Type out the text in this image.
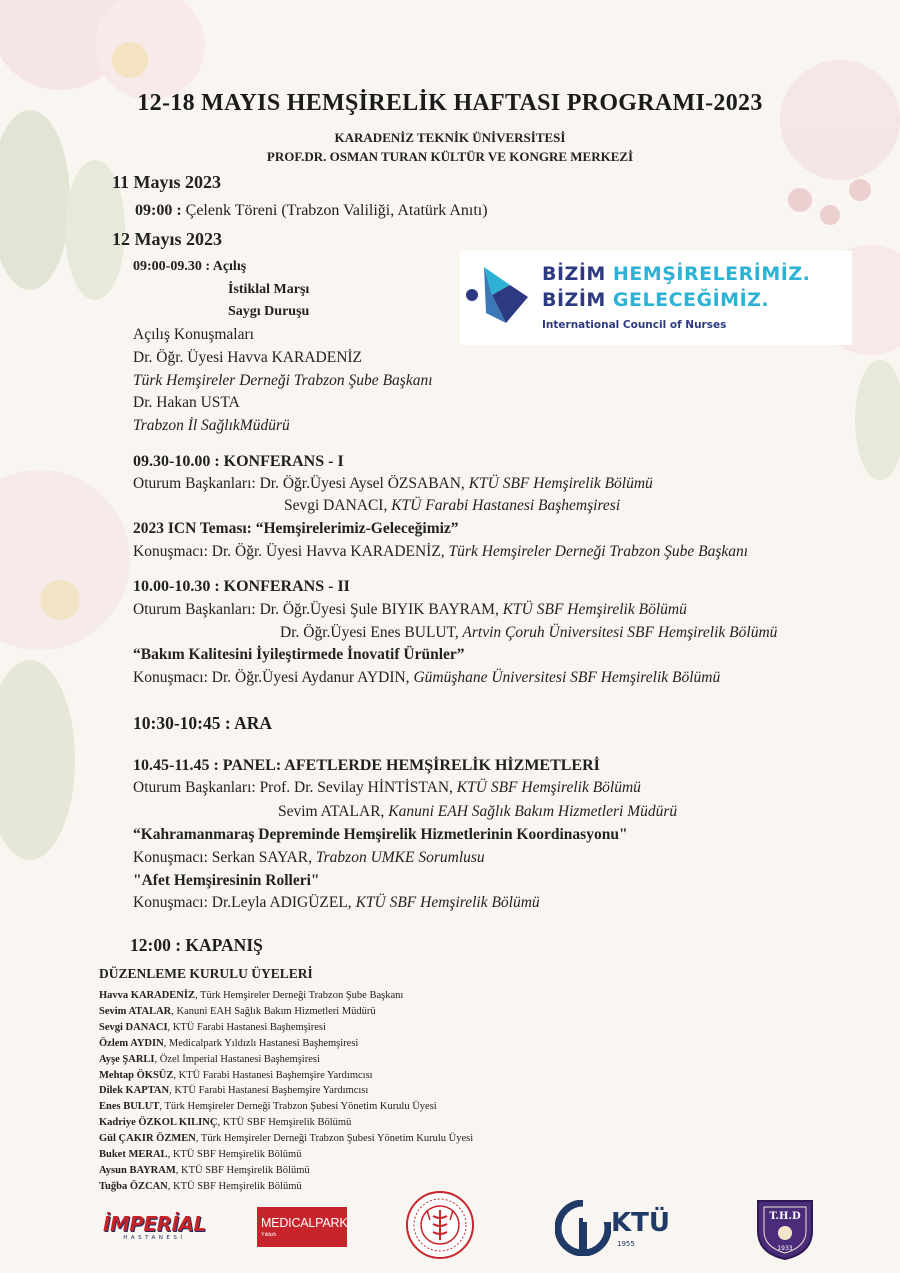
12-18 MAYIS HEMŞİRELİK HAFTASI PROGRAMI-2023
KARADENİZ TEKNİK ÜNİVERSİTESİ
PROF.DR. OSMAN TURAN KÜLTÜR VE KONGRE MERKEZİ
11 Mayıs 2023
09:00 : Çelenk Töreni (Trabzon Valiliği, Atatürk Anıtı)
12 Mayıs 2023
09:00-09.30 : Açılış
İstiklal Marşı
Saygı Duruşu
Açılış Konuşmaları
Dr. Öğr. Üyesi Havva KARADENİZ
Türk Hemşireler Derneği Trabzon Şube Başkanı
Dr. Hakan USTA
Trabzon İl SağlıkMüdürü
BİZİM HEMŞİRELERİMİZ.
BİZİM GELECEĞİMİZ.
International Council of Nurses
09.30-10.00 : KONFERANS - I
Oturum Başkanları: Dr. Öğr.Üyesi Aysel ÖZSABAN, KTÜ SBF Hemşirelik Bölümü
Sevgi DANACI, KTÜ Farabi Hastanesi Başhemşiresi
2023 ICN Teması: “Hemşirelerimiz-Geleceğimiz”
Konuşmacı: Dr. Öğr. Üyesi Havva KARADENİZ, Türk Hemşireler Derneği Trabzon Şube Başkanı
10.00-10.30 : KONFERANS - II
Oturum Başkanları: Dr. Öğr.Üyesi Şule BIYIK BAYRAM, KTÜ SBF Hemşirelik Bölümü
Dr. Öğr.Üyesi Enes BULUT, Artvin Çoruh Üniversitesi SBF Hemşirelik Bölümü
“Bakım Kalitesini İyileştirmede İnovatif Ürünler”
Konuşmacı: Dr. Öğr.Üyesi Aydanur AYDIN, Gümüşhane Üniversitesi SBF Hemşirelik Bölümü
10:30-10:45 : ARA
10.45-11.45 : PANEL: AFETLERDE HEMŞİRELİK HİZMETLERİ
Oturum Başkanları: Prof. Dr. Sevilay HİNTİSTAN, KTÜ SBF Hemşirelik Bölümü
Sevim ATALAR, Kanuni EAH Sağlık Bakım Hizmetleri Müdürü
“Kahramanmaraş Depreminde Hemşirelik Hizmetlerinin Koordinasyonu"
Konuşmacı: Serkan SAYAR, Trabzon UMKE Sorumlusu
"Afet Hemşiresinin Rolleri"
Konuşmacı: Dr.Leyla ADIGÜZEL, KTÜ SBF Hemşirelik Bölümü
12:00 : KAPANIŞ
DÜZENLEME KURULU ÜYELERİ
Havva KARADENİZ, Türk Hemşireler Derneği Trabzon Şube Başkanı
Sevim ATALAR, Kanuni EAH Sağlık Bakım Hizmetleri Müdürü
Sevgi DANACI, KTÜ Farabi Hastanesi Başhemşiresi
Özlem AYDIN, Medicalpark Yıldızlı Hastanesi Başhemşiresi
Ayşe ŞARLI, Özel İmperial Hastanesi Başhemşiresi
Mehtap ÖKSÜZ, KTÜ Farabi Hastanesi Başhemşire Yardımcısı
Dilek KAPTAN, KTÜ Farabi Hastanesi Başhemşire Yardımcısı
Enes BULUT, Türk Hemşireler Derneği Trabzon Şubesi Yönetim Kurulu Üyesi
Kadriye ÖZKOL KILINÇ, KTÜ SBF Hemşirelik Bölümü
Gül ÇAKIR ÖZMEN, Türk Hemşireler Derneği Trabzon Şubesi Yönetim Kurulu Üyesi
Buket MERAL, KTÜ SBF Hemşirelik Bölümü
Aysun BAYRAM, KTÜ SBF Hemşirelik Bölümü
Tuğba ÖZCAN, KTÜ SBF Hemşirelik Bölümü
İMPERİAL
HASTANESİ
MEDICALPARK
Yıldızlı	KTÜ
1955
T.H.D
1933
